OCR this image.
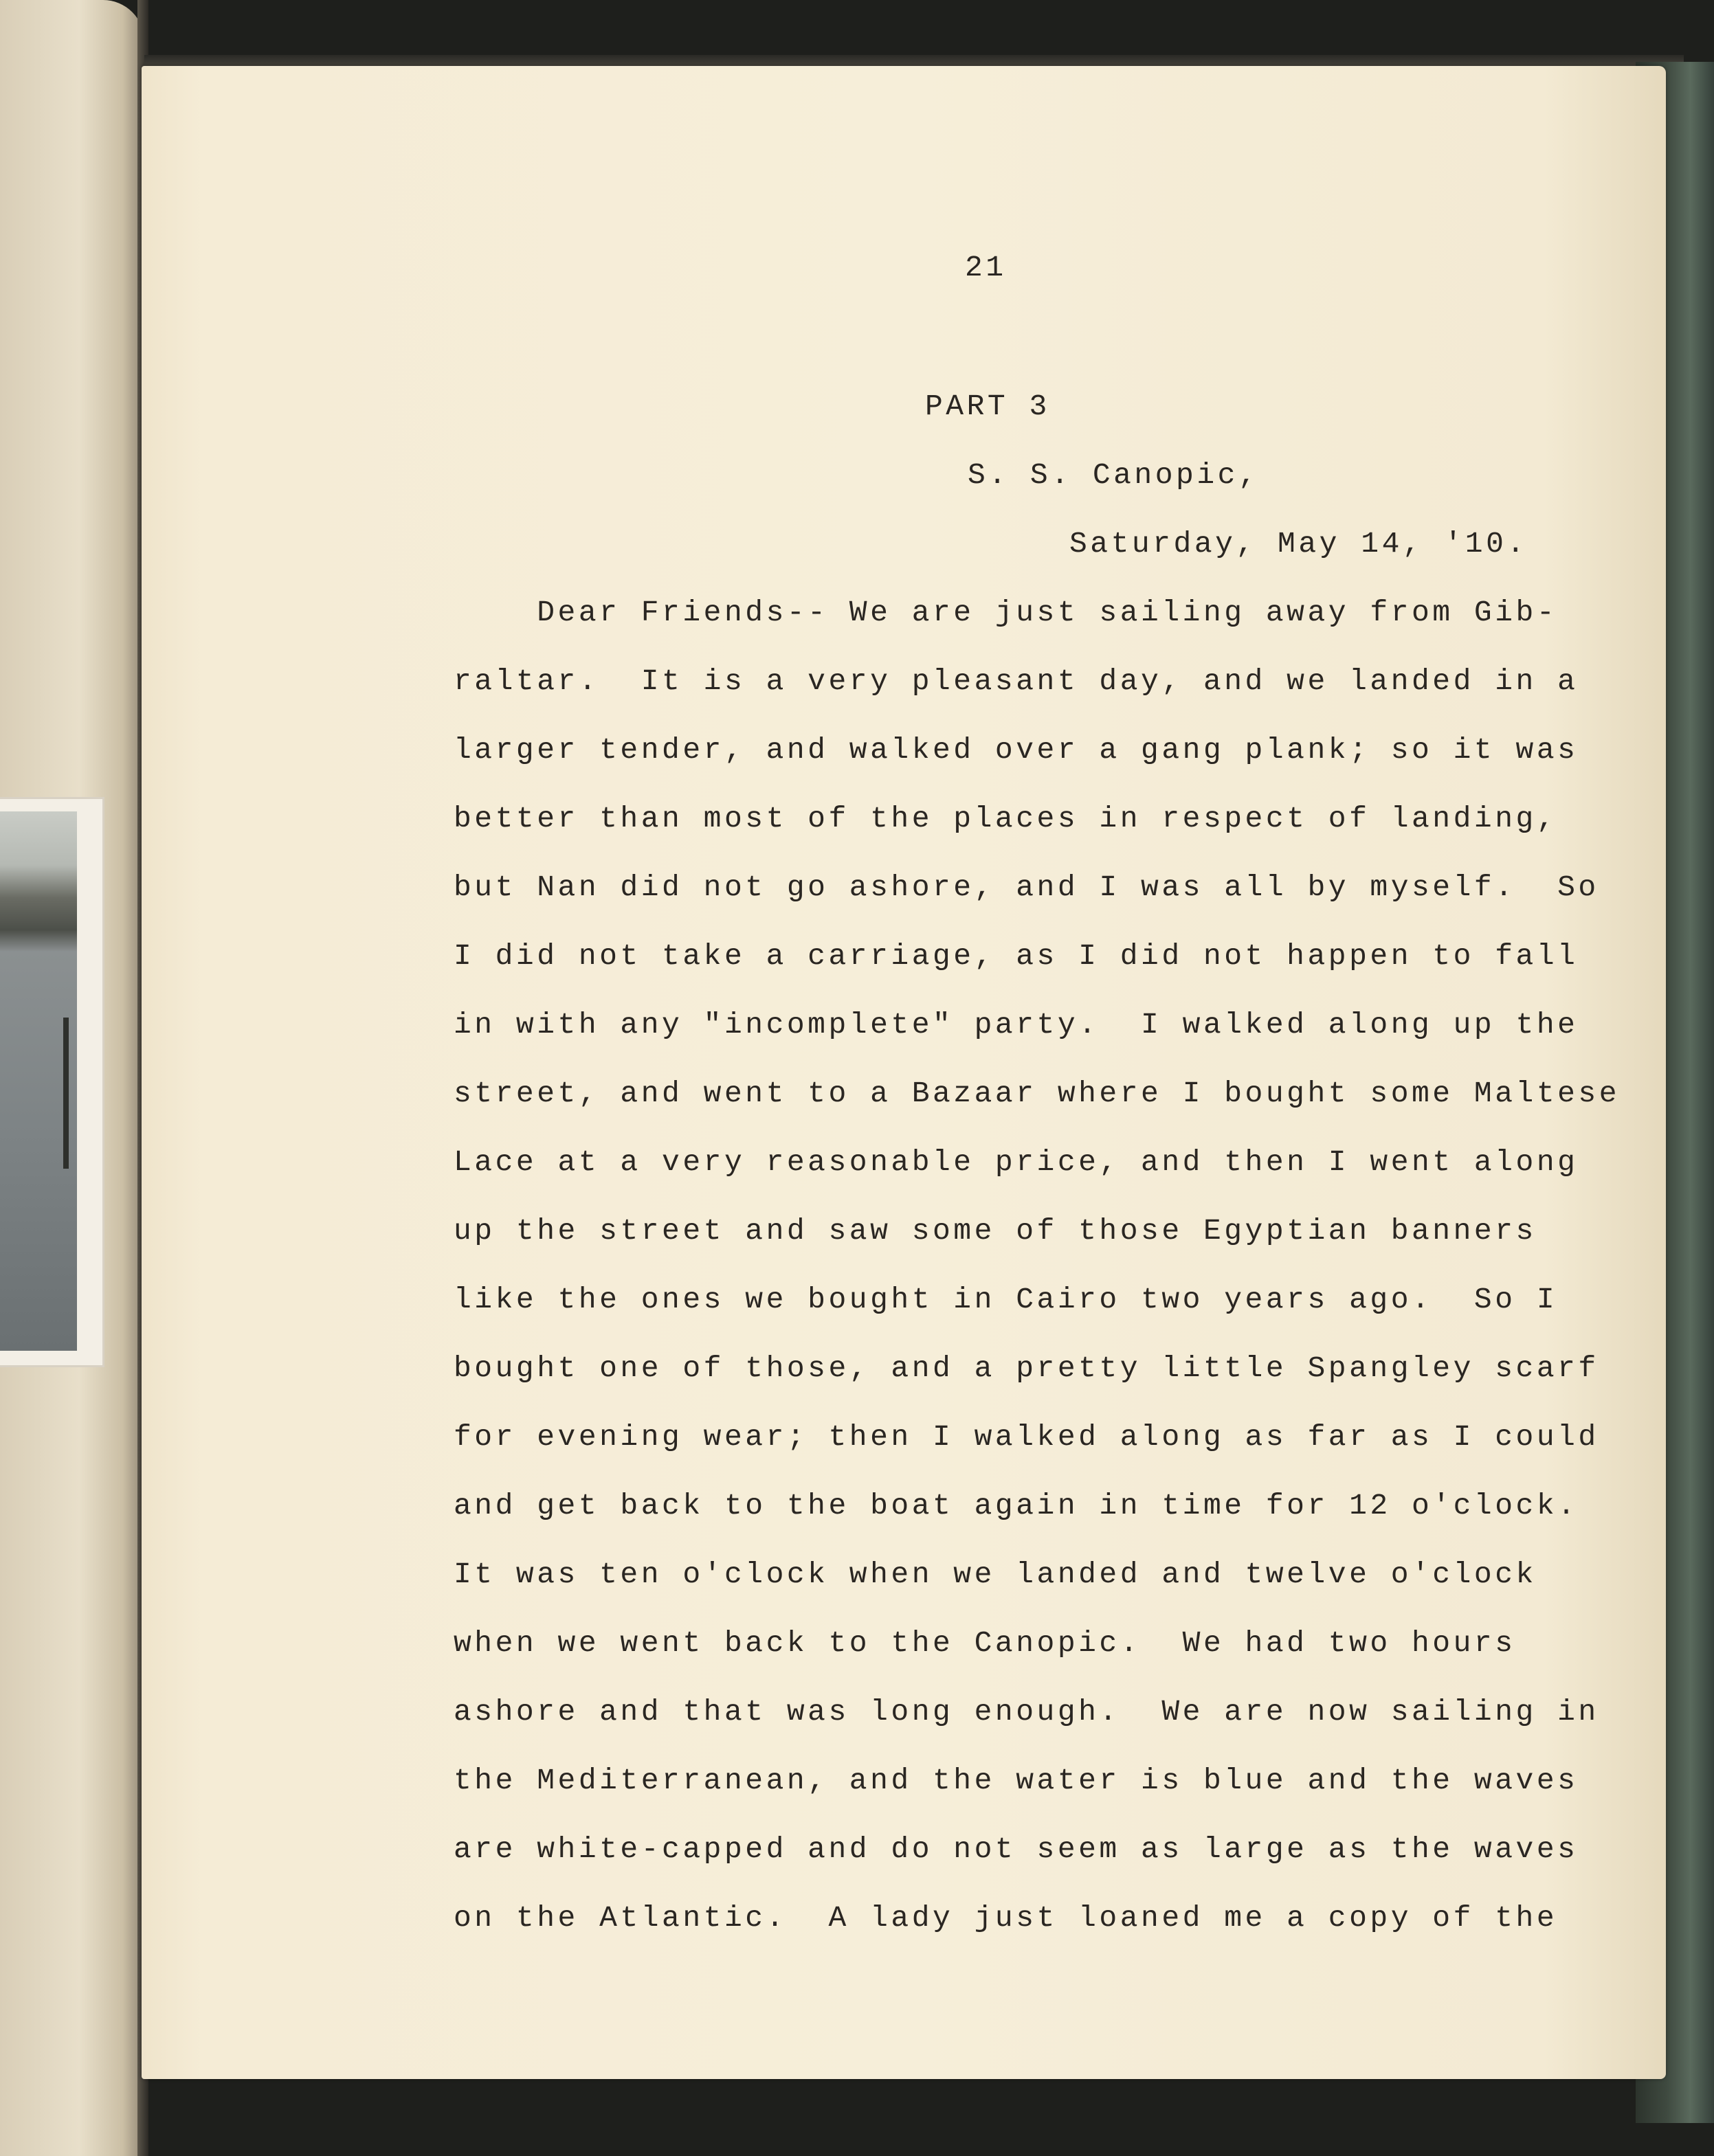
21
PART 3
S. S. Canopic,
Saturday, May 14, '10.
Dear Friends-- We are just sailing away from Gib-
raltar.  It is a very pleasant day, and we landed in a
larger tender, and walked over a gang plank; so it was
better than most of the places in respect of landing,
but Nan did not go ashore, and I was all by myself.  So
I did not take a carriage, as I did not happen to fall
in with any "incomplete" party.  I walked along up the
street, and went to a Bazaar where I bought some Maltese
Lace at a very reasonable price, and then I went along
up the street and saw some of those Egyptian banners
like the ones we bought in Cairo two years ago.  So I
bought one of those, and a pretty little Spangley scarf
for evening wear; then I walked along as far as I could
and get back to the boat again in time for 12 o'clock.
It was ten o'clock when we landed and twelve o'clock
when we went back to the Canopic.  We had two hours
ashore and that was long enough.  We are now sailing in
the Mediterranean, and the water is blue and the waves
are white-capped and do not seem as large as the waves
on the Atlantic.  A lady just loaned me a copy of the
